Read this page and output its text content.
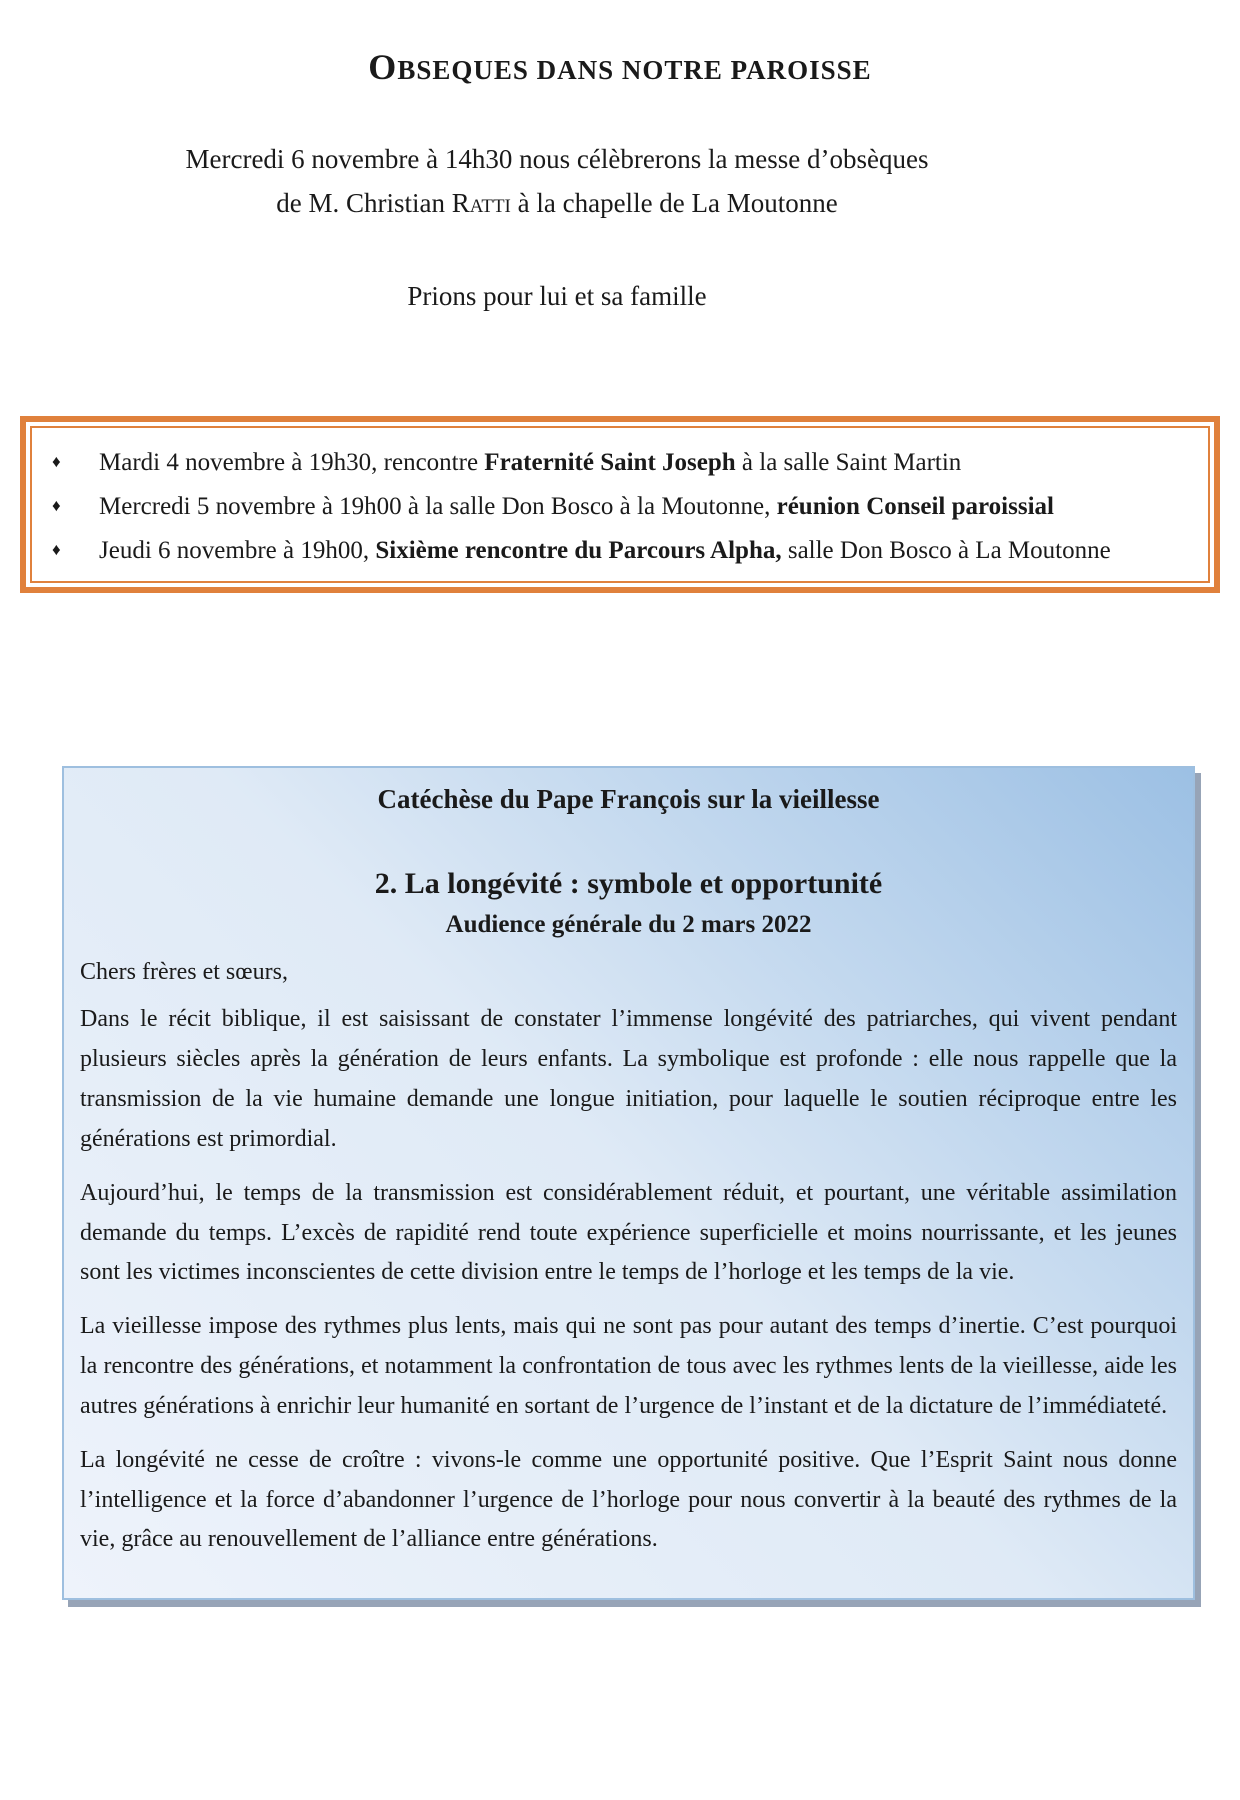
OBSEQUES DANS NOTRE PAROISSE
Mercredi 6 novembre à 14h30 nous célèbrerons la messe d’obsèques
de M. Christian Ratti à la chapelle de La Moutonne
Prions pour lui et sa famille
♦ Mardi 4 novembre à 19h30, rencontre Fraternité Saint Joseph à la salle Saint Martin
♦ Mercredi 5 novembre à 19h00 à la salle Don Bosco à la Moutonne, réunion Conseil paroissial
♦ Jeudi 6 novembre à 19h00, Sixième rencontre du Parcours Alpha, salle Don Bosco à La Moutonne
Catéchèse du Pape François sur la vieillesse
2. La longévité : symbole et opportunité
Audience générale du 2 mars 2022

Chers frères et sœurs,

Dans le récit biblique, il est saisissant de constater l’immense longévité des patriarches, qui vivent pendant plusieurs siècles après la génération de leurs enfants. La symbolique est profonde : elle nous rappelle que la transmission de la vie humaine demande une longue initiation, pour laquelle le soutien réciproque entre les générations est primordial.

Aujourd’hui, le temps de la transmission est considérablement réduit, et pourtant, une véritable assimilation demande du temps. L’excès de rapidité rend toute expérience superficielle et moins nourrissante, et les jeunes sont les victimes inconscientes de cette division entre le temps de l’horloge et les temps de la vie.

La vieillesse impose des rythmes plus lents, mais qui ne sont pas pour autant des temps d’inertie. C’est pourquoi la rencontre des générations, et notamment la confrontation de tous avec les rythmes lents de la vieillesse, aide les autres générations à enrichir leur humanité en sortant de l’urgence de l’instant et de la dictature de l’immédiateté.

La longévité ne cesse de croître : vivons-le comme une opportunité positive. Que l’Esprit Saint nous donne l’intelligence et la force d’abandonner l’urgence de l’horloge pour nous convertir à la beauté des rythmes de la vie, grâce au renouvellement de l’alliance entre générations.
